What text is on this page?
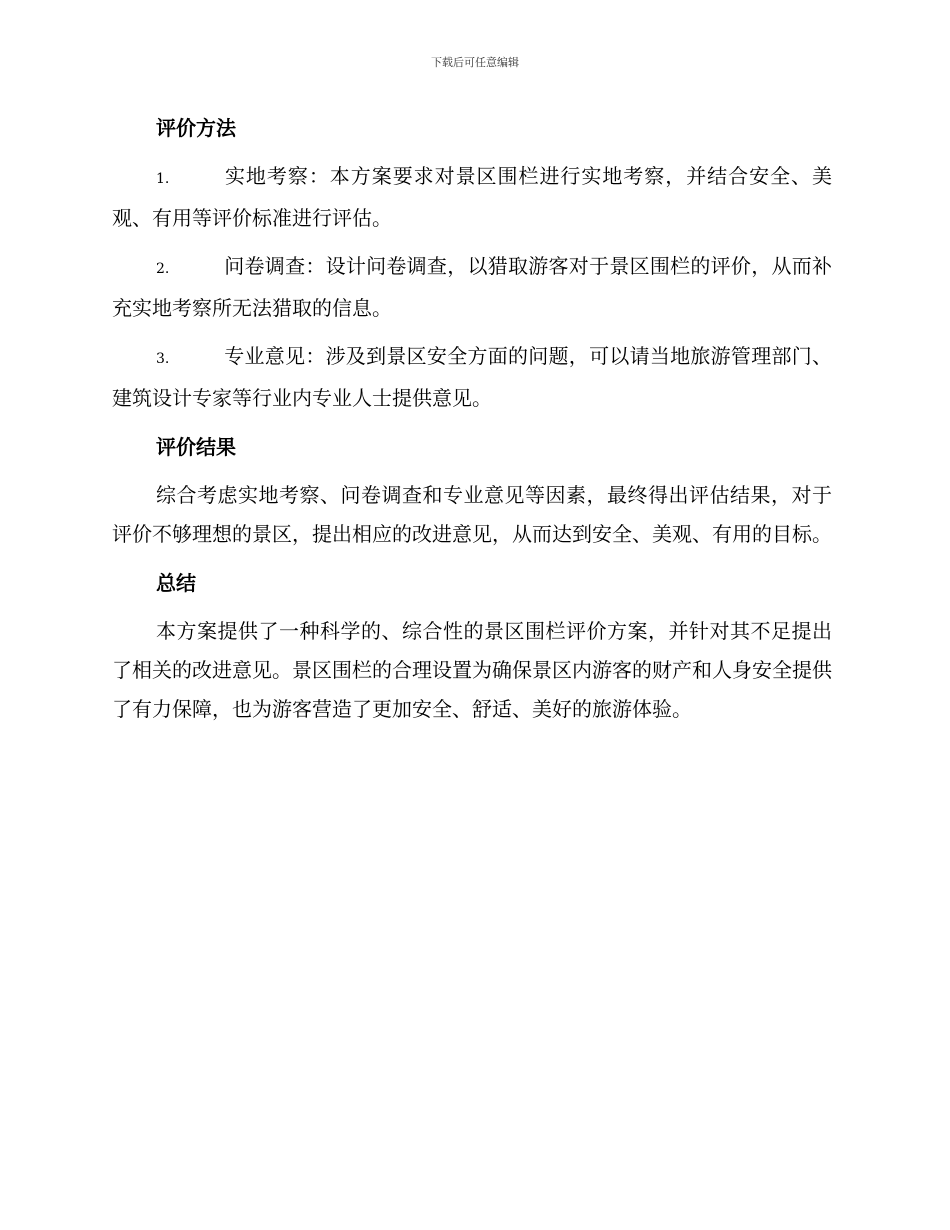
下载后可任意编辑
评价方法
1.	实地考察：本方案要求对景区围栏进行实地考察，并结合安全、美观、有用等评价标准进行评估。
2.	问卷调查：设计问卷调查，以猎取游客对于景区围栏的评价，从而补充实地考察所无法猎取的信息。
3.	专业意见：涉及到景区安全方面的问题，可以请当地旅游管理部门、建筑设计专家等行业内专业人士提供意见。
评价结果
综合考虑实地考察、问卷调查和专业意见等因素，最终得出评估结果，对于评价不够理想的景区，提出相应的改进意见，从而达到安全、美观、有用的目标。
总结
本方案提供了一种科学的、综合性的景区围栏评价方案，并针对其不足提出了相关的改进意见。景区围栏的合理设置为确保景区内游客的财产和人身安全提供了有力保障，也为游客营造了更加安全、舒适、美好的旅游体验。
